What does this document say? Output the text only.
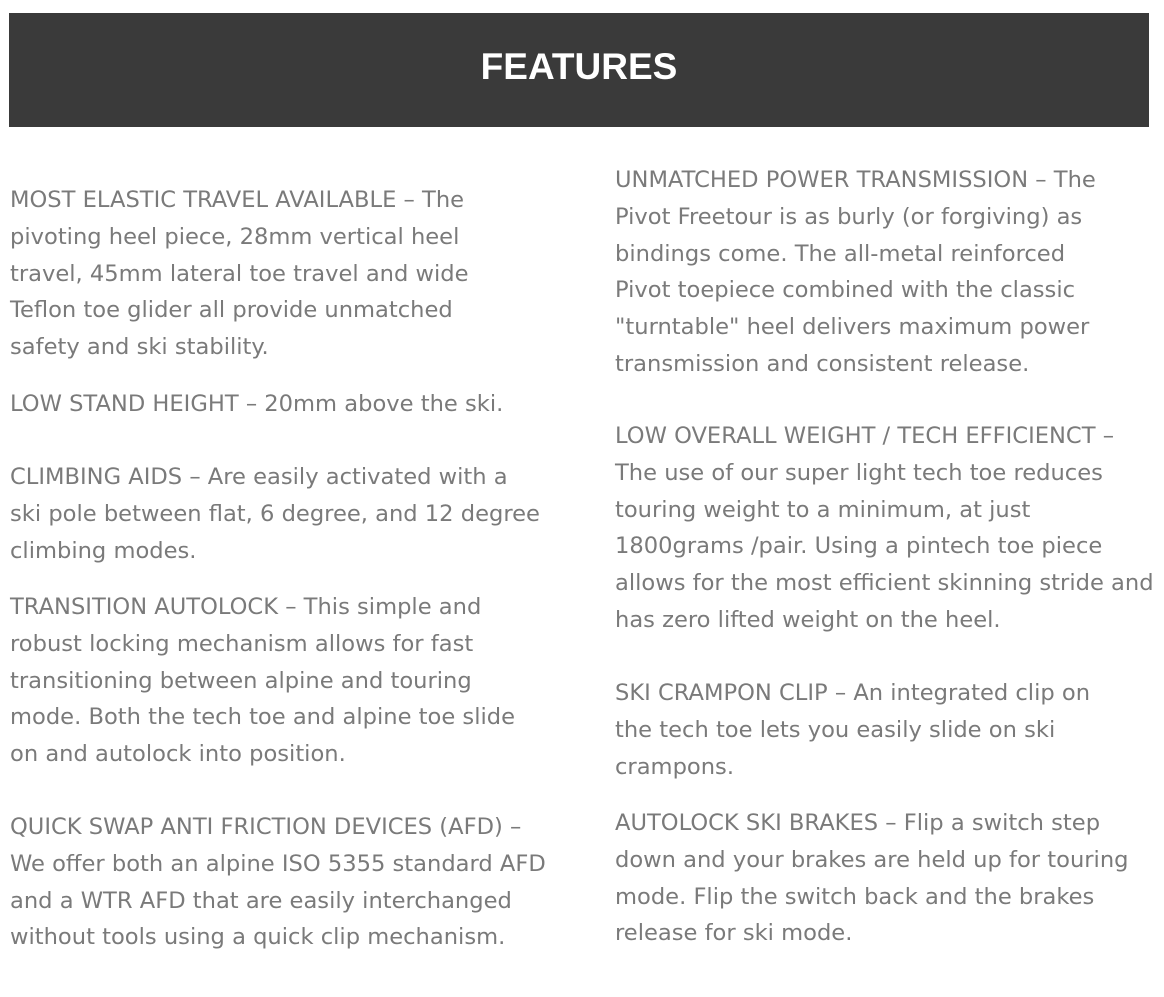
FEATURES

MOST ELASTIC TRAVEL AVAILABLE – The pivoting heel piece, 28mm vertical heel travel, 45mm lateral toe travel and wide Teflon toe glider all provide unmatched safety and ski stability.

LOW STAND HEIGHT – 20mm above the ski.

CLIMBING AIDS – Are easily activated with a ski pole between flat, 6 degree, and 12 degree climbing modes.

TRANSITION AUTOLOCK – This simple and robust locking mechanism allows for fast transitioning between alpine and touring mode. Both the tech toe and alpine toe slide on and autolock into position.

QUICK SWAP ANTI FRICTION DEVICES (AFD) – We offer both an alpine ISO 5355 standard AFD and a WTR AFD that are easily interchanged without tools using a quick clip mechanism.

UNMATCHED POWER TRANSMISSION – The Pivot Freetour is as burly (or forgiving) as bindings come. The all-metal reinforced Pivot toepiece combined with the classic "turntable" heel delivers maximum power transmission and consistent release.

LOW OVERALL WEIGHT / TECH EFFICIENCT – The use of our super light tech toe reduces touring weight to a minimum, at just 1800grams /pair. Using a pintech toe piece allows for the most efficient skinning stride and has zero lifted weight on the heel.

SKI CRAMPON CLIP – An integrated clip on the tech toe lets you easily slide on ski crampons.

AUTOLOCK SKI BRAKES – Flip a switch step down and your brakes are held up for touring mode. Flip the switch back and the brakes release for ski mode.
